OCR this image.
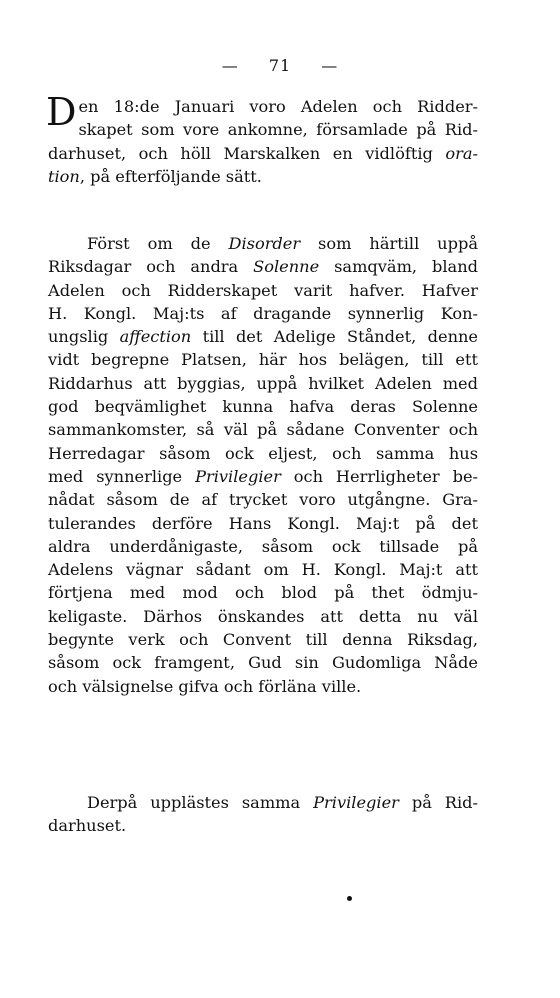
— 71 —
D en 18:de Januari voro Adelen och Ridder-
skapet som vore ankomne, församlade på Rid-
darhuset, och höll Marskalken en vidlöftig ora-
tion, på efterföljande sätt.
Först om de Disorder som härtill uppå
Riksdagar och andra Solenne samqväm, bland
Adelen och Ridderskapet varit hafver. Hafver
H. Kongl. Maj:ts af dragande synnerlig Kon-
ungslig affection till det Adelige Ståndet, denne
vidt begrepne Platsen, här hos belägen, till ett
Riddarhus att byggias, uppå hvilket Adelen med
god beqvämlighet kunna hafva deras Solenne
sammankomster, så väl på sådane Conventer och
Herredagar såsom ock eljest, och samma hus
med synnerlige Privilegier och Herrligheter be-
nådat såsom de af trycket voro utgångne. Gra-
tulerandes derföre Hans Kongl. Maj:t på det
aldra underdånigaste, såsom ock tillsade på
Adelens vägnar sådant om H. Kongl. Maj:t att
förtjena med mod och blod på thet ödmju-
keligaste. Därhos önskandes att detta nu väl
begynte verk och Convent till denna Riksdag,
såsom ock framgent, Gud sin Gudomliga Nåde
och välsignelse gifva och förläna ville.
Derpå upplästes samma Privilegier på Rid-
darhuset.
